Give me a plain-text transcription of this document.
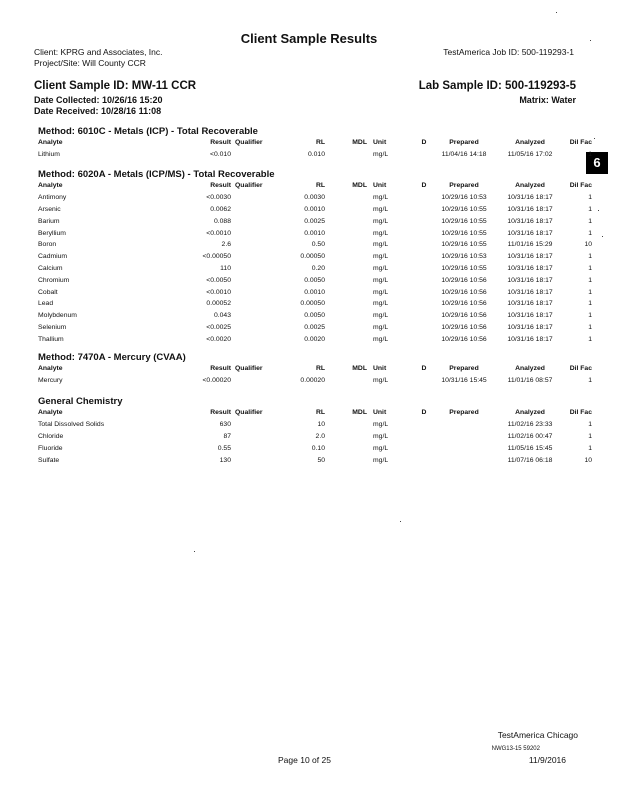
Client Sample Results
Client: KPRG and Associates, Inc.	TestAmerica Job ID: 500-119293-1
Project/Site: Will County CCR
Client Sample ID: MW-11 CCR	Lab Sample ID: 500-119293-5
Date Collected: 10/26/16 15:20	Matrix: Water
Date Received: 10/28/16 11:08
6
Method: 6010C - Metals (ICP) - Total Recoverable
Analyte	Result	Qualifier	RL	MDL	Unit	D	Prepared	Analyzed	Dil Fac
Lithium	<0.010		0.010		mg/L		11/04/16 14:18	11/05/16 17:02	1
Method: 6020A - Metals (ICP/MS) - Total Recoverable
Analyte	Result	Qualifier	RL	MDL	Unit	D	Prepared	Analyzed	Dil Fac
Antimony	<0.0030		0.0030		mg/L		10/29/16 10:53	10/31/16 18:17	1
Arsenic	0.0062		0.0010		mg/L		10/29/16 10:55	10/31/16 18:17	1
Barium	0.088		0.0025		mg/L		10/29/16 10:55	10/31/16 18:17	1
Beryllium	<0.0010		0.0010		mg/L		10/29/16 10:55	10/31/16 18:17	1
Boron	2.6		0.50		mg/L		10/29/16 10:55	11/01/16 15:29	10
Cadmium	<0.00050		0.00050		mg/L		10/29/16 10:53	10/31/16 18:17	1
Calcium	110		0.20		mg/L		10/29/16 10:55	10/31/16 18:17	1
Chromium	<0.0050		0.0050		mg/L		10/29/16 10:56	10/31/16 18:17	1
Cobalt	<0.0010		0.0010		mg/L		10/29/16 10:56	10/31/16 18:17	1
Lead	0.00052		0.00050		mg/L		10/29/16 10:56	10/31/16 18:17	1
Molybdenum	0.043		0.0050		mg/L		10/29/16 10:56	10/31/16 18:17	1
Selenium	<0.0025		0.0025		mg/L		10/29/16 10:56	10/31/16 18:17	1
Thallium	<0.0020		0.0020		mg/L		10/29/16 10:56	10/31/16 18:17	1
Method: 7470A - Mercury (CVAA)
Analyte	Result	Qualifier	RL	MDL	Unit	D	Prepared	Analyzed	Dil Fac
Mercury	<0.00020		0.00020		mg/L		10/31/16 15:45	11/01/16 08:57	1
General Chemistry
Analyte	Result	Qualifier	RL	MDL	Unit	D	Prepared	Analyzed	Dil Fac
Total Dissolved Solids	630		10		mg/L			11/02/16 23:33	1
Chloride	87		2.0		mg/L			11/02/16 00:47	1
Fluoride	0.55		0.10		mg/L			11/05/16 15:45	1
Sulfate	130		50		mg/L			11/07/16 06:18	10
TestAmerica Chicago
NWG13-15 59202
Page 10 of 25	11/9/2016
